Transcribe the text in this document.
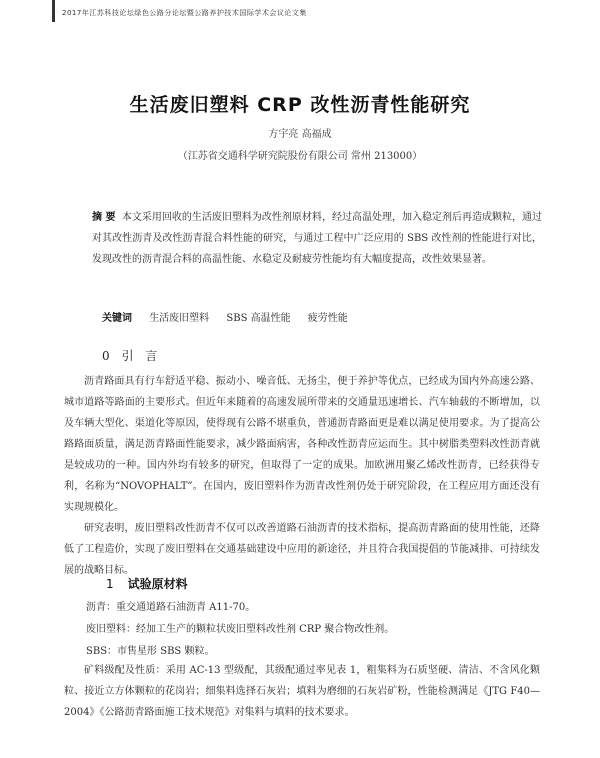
2017年江苏科技论坛绿色公路分论坛暨公路养护技术国际学术会议论文集
生活废旧塑料 CRP 改性沥青性能研究
方宇亮 高福成
（江苏省交通科学研究院股份有限公司 常州 213000）
摘 要 本文采用回收的生活废旧塑料为改性剂原材料，经过高温处理，加入稳定剂后再造成颗粒，通过对其改性沥青及改性沥青混合料性能的研究，与通过工程中广泛应用的 SBS 改性剂的性能进行对比，发现改性的沥青混合料的高温性能、水稳定及耐疲劳性能均有大幅度提高，改性效果显著。
关键词 生活废旧塑料 SBS 高温性能 疲劳性能
0 引 言
沥青路面具有行车舒适平稳、振动小、噪音低、无扬尘，便于养护等优点，已经成为国内外高速公路、城市道路等路面的主要形式。但近年来随着的高速发展所带来的交通量迅速增长、汽车轴载的不断增加，以及车辆大型化、渠道化等原因，使得现有公路不堪重负，普通沥青路面更是难以满足使用要求。为了提高公路路面质量，满足沥青路面性能要求，减少路面病害，各种改性沥青应运而生。其中树脂类塑料改性沥青就是较成功的一种。国内外均有较多的研究，但取得了一定的成果。加欧洲用聚乙烯改性沥青，已经获得专利，名称为“NOVOPHALT”。在国内，废旧塑料作为沥青改性剂仍处于研究阶段，在工程应用方面还没有实现规模化。
研究表明，废旧塑料改性沥青不仅可以改善道路石油沥青的技术指标，提高沥青路面的使用性能，还降低了工程造价，实现了废旧塑料在交通基础建设中应用的新途径，并且符合我国提倡的节能减排、可持续发展的战略目标。
1 试验原材料
沥青：重交通道路石油沥青 A11-70。
废旧塑料：经加工生产的颗粒状废旧塑料改性剂 CRP 聚合物改性剂。
SBS：市售星形 SBS 颗粒。
矿料级配及性质：采用 AC-13 型级配，其级配通过率见表 1，粗集料为石质坚硬、清洁、不含风化颗粒、接近立方体颗粒的花岗岩；细集料选择石灰岩；填料为磨细的石灰岩矿粉，性能检测满足《JTG F40—2004》《公路沥青路面施工技术规范》对集料与填料的技术要求。
